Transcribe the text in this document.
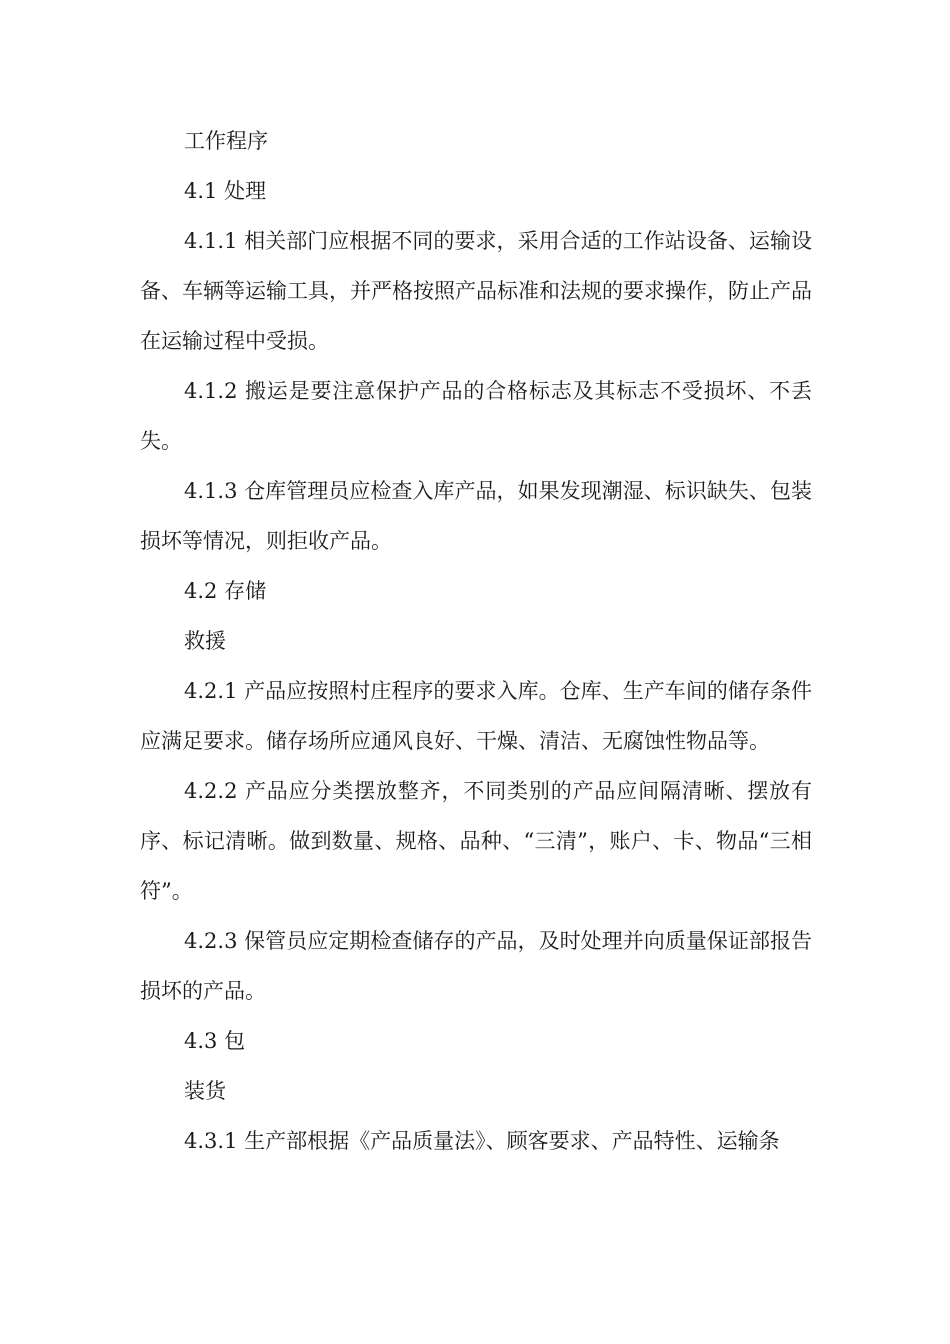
工作程序

4.1 处理

4.1.1 相关部门应根据不同的要求，采用合适的工作站设备、运输设备、车辆等运输工具，并严格按照产品标准和法规的要求操作，防止产品在运输过程中受损。

4.1.2 搬运是要注意保护产品的合格标志及其标志不受损坏、不丢失。

4.1.3 仓库管理员应检查入库产品，如果发现潮湿、标识缺失、包装损坏等情况，则拒收产品。

4.2 存储

救援

4.2.1 产品应按照村庄程序的要求入库。仓库、生产车间的储存条件应满足要求。储存场所应通风良好、干燥、清洁、无腐蚀性物品等。

4.2.2 产品应分类摆放整齐，不同类别的产品应间隔清晰、摆放有序、标记清晰。做到数量、规格、品种、“三清”，账户、卡、物品“三相符”。

4.2.3 保管员应定期检查储存的产品，及时处理并向质量保证部报告损坏的产品。

4.3 包

装货

4.3.1 生产部根据《产品质量法》、顾客要求、产品特性、运输条
